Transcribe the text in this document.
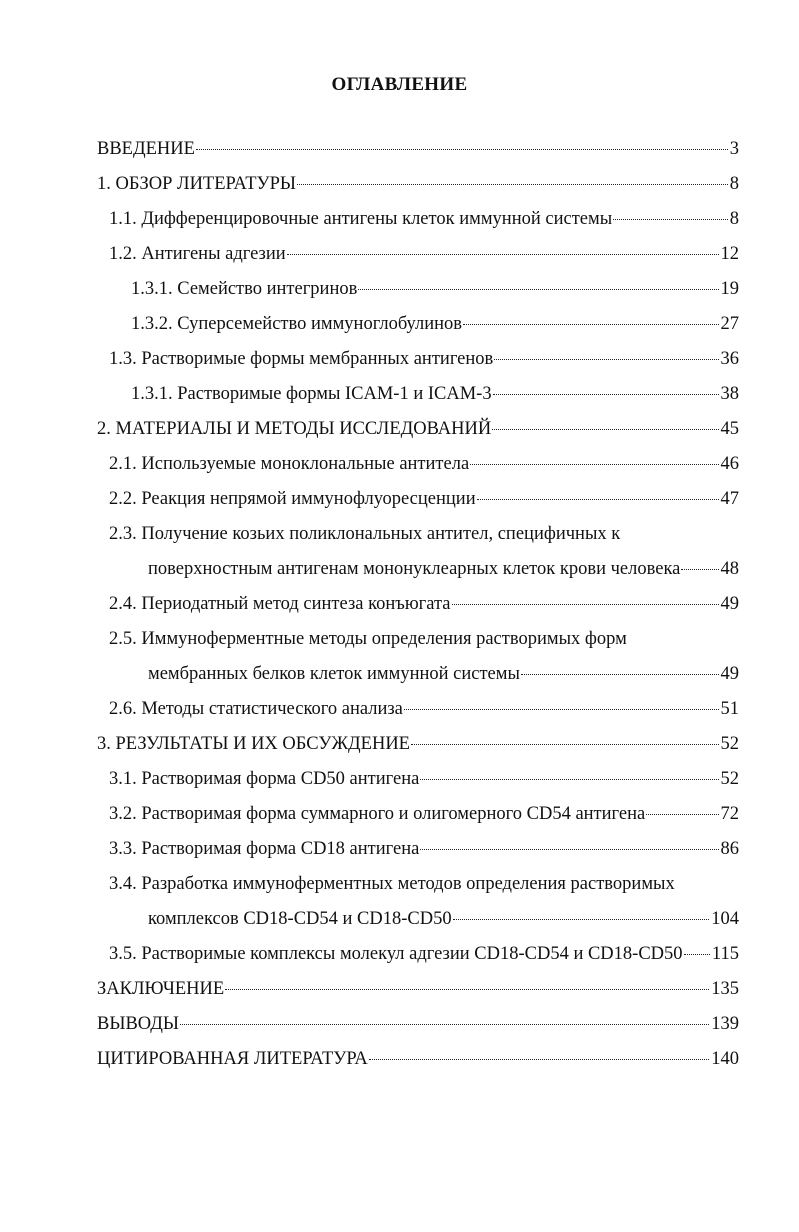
ОГЛАВЛЕНИЕ
ВВЕДЕНИЕ	3
1. ОБЗОР ЛИТЕРАТУРЫ	8
1.1. Дифференцировочные антигены клеток иммунной системы	8
1.2. Антигены адгезии	12
1.3.1. Семейство интегринов	19
1.3.2. Суперсемейство иммуноглобулинов	27
1.3. Растворимые формы мембранных антигенов	36
1.3.1. Растворимые формы ICAM-1 и ICAM-3	38
2. МАТЕРИАЛЫ И МЕТОДЫ ИССЛЕДОВАНИЙ	45
2.1. Используемые моноклональные антитела	46
2.2. Реакция непрямой иммунофлуоресценции	47
2.3. Получение козьих поликлональных антител, специфичных к
поверхностным антигенам мононуклеарных клеток крови человека 48
2.4. Периодатный метод синтеза конъюгата	49
2.5. Иммуноферментные методы определения растворимых форм
мембранных белков клеток иммунной системы	49
2.6. Методы статистического анализа	51
3. РЕЗУЛЬТАТЫ И ИХ ОБСУЖДЕНИЕ	52
3.1. Растворимая форма CD50 антигена	52
3.2. Растворимая форма суммарного и олигомерного CD54 антигена	72
3.3. Растворимая форма CD18 антигена	86
3.4. Разработка иммуноферментных методов определения растворимых
комплексов CD18-CD54 и CD18-CD50	104
3.5. Растворимые комплексы молекул адгезии CD18-CD54 и CD18-CD50 115
ЗАКЛЮЧЕНИЕ	135
ВЫВОДЫ	139
ЦИТИРОВАННАЯ ЛИТЕРАТУРА	140
